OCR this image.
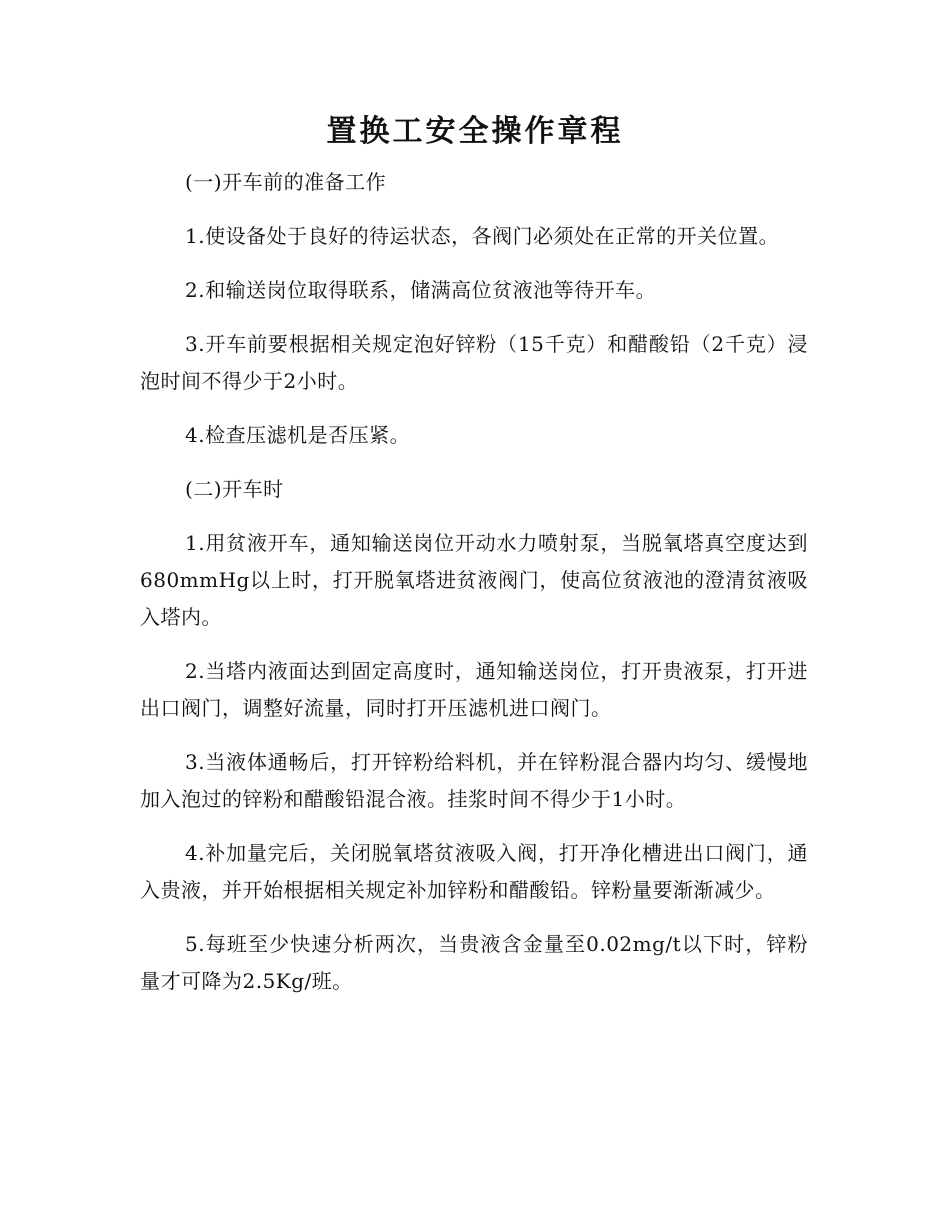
置换工安全操作章程

(一)开车前的准备工作

1.使设备处于良好的待运状态，各阀门必须处在正常的开关位置。

2.和输送岗位取得联系，储满高位贫液池等待开车。

3.开车前要根据相关规定泡好锌粉（15千克）和醋酸铅（2千克）浸泡时间不得少于2小时。

4.检查压滤机是否压紧。

(二)开车时

1.用贫液开车，通知输送岗位开动水力喷射泵，当脱氧塔真空度达到680mmHg以上时，打开脱氧塔进贫液阀门，使高位贫液池的澄清贫液吸入塔内。

2.当塔内液面达到固定高度时，通知输送岗位，打开贵液泵，打开进出口阀门，调整好流量，同时打开压滤机进口阀门。

3.当液体通畅后，打开锌粉给料机，并在锌粉混合器内均匀、缓慢地加入泡过的锌粉和醋酸铅混合液。挂浆时间不得少于1小时。

4.补加量完后，关闭脱氧塔贫液吸入阀，打开净化槽进出口阀门，通入贵液，并开始根据相关规定补加锌粉和醋酸铅。锌粉量要渐渐减少。

5.每班至少快速分析两次，当贵液含金量至0.02mg/t以下时，锌粉量才可降为2.5Kg/班。
